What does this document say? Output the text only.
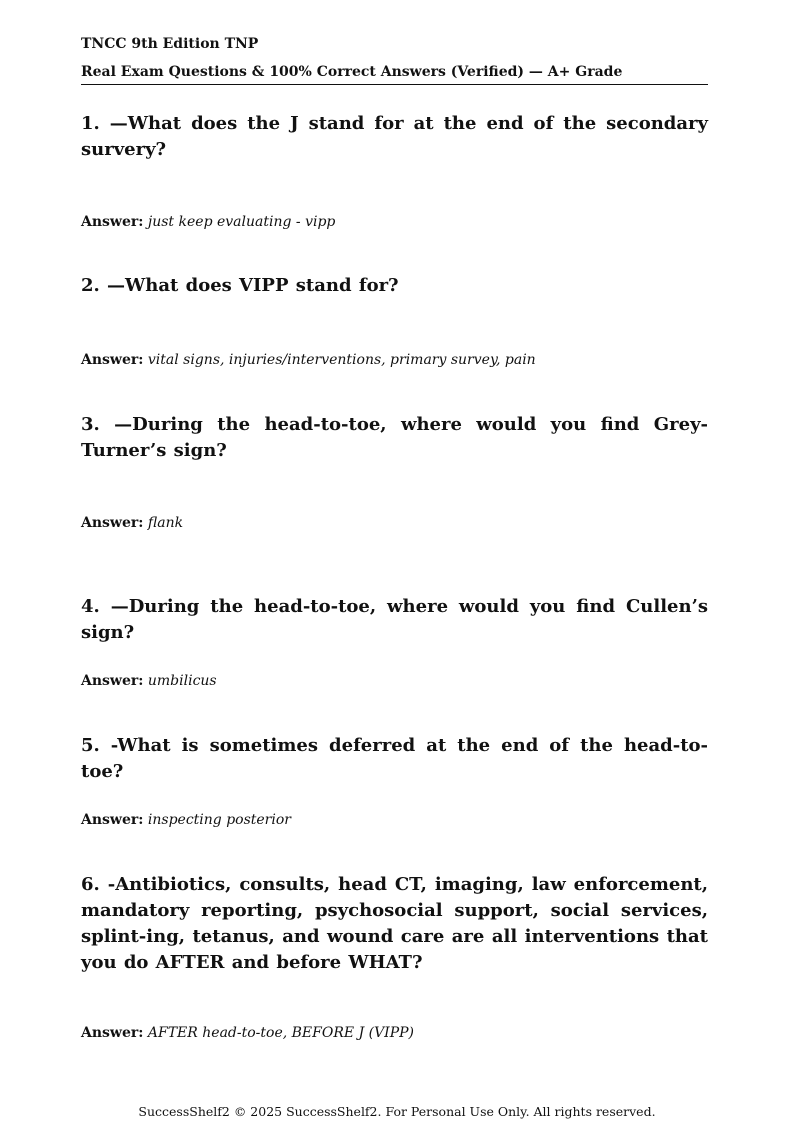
TNCC 9th Edition TNP

Real Exam Questions & 100% Correct Answers (Verified) — A+ Grade

1. —What does the J stand for at the end of the secondary survery?

Answer: just keep evaluating - vipp

2. —What does VIPP stand for?

Answer: vital signs, injuries/interventions, primary survey, pain

3. —During the head-to-toe, where would you find Grey-Turner’s sign?

Answer: flank

4. —During the head-to-toe, where would you find Cullen’s sign?

Answer: umbilicus

5. -What is sometimes deferred at the end of the head-to-toe?

Answer: inspecting posterior

6. -Antibiotics, consults, head CT, imaging, law enforcement, mandatory reporting, psychosocial support, social services, splint-ing, tetanus, and wound care are all interventions that you do AFTER and before WHAT?

Answer: AFTER head-to-toe, BEFORE J (VIPP)
SuccessShelf2 © 2025 SuccessShelf2. For Personal Use Only. All rights reserved.
